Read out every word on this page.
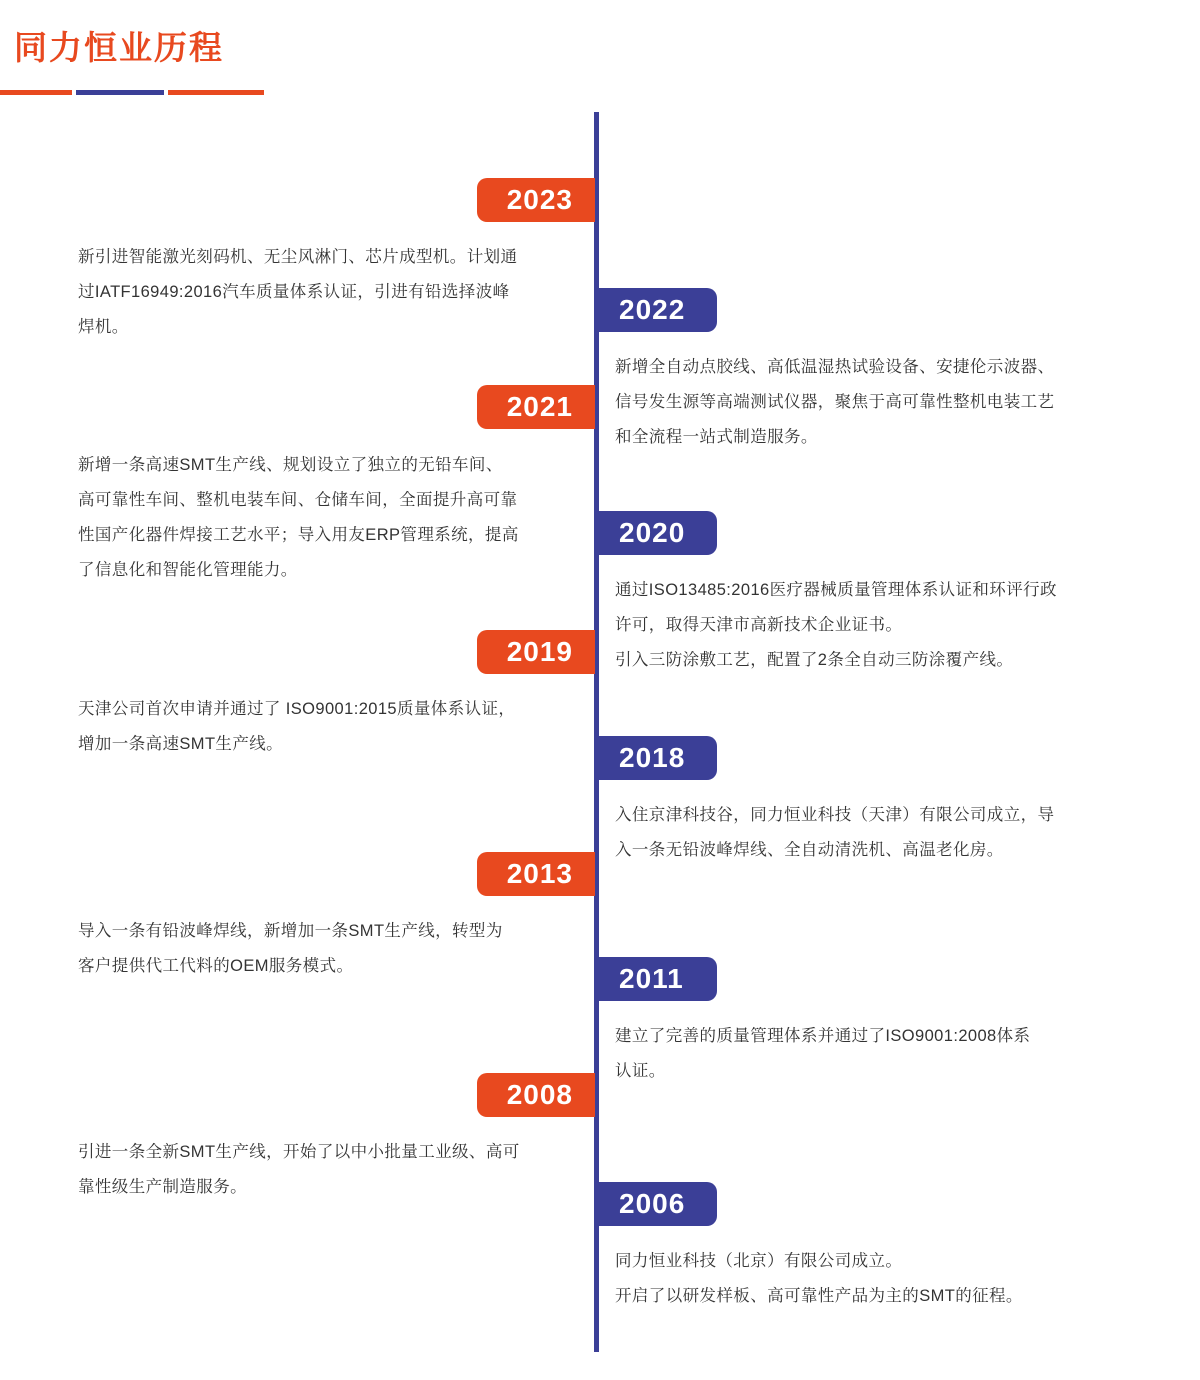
同力恒业历程
2023
新引进智能激光刻码机、无尘风淋门、芯片成型机。计划通
过IATF16949:2016汽车质量体系认证，引进有铅选择波峰
焊机。
2022
新增全自动点胶线、高低温湿热试验设备、安捷伦示波器、
信号发生源等高端测试仪器，聚焦于高可靠性整机电装工艺
和全流程一站式制造服务。
2021
新增一条高速SMT生产线、规划设立了独立的无铅车间、
高可靠性车间、整机电装车间、仓储车间，全面提升高可靠
性国产化器件焊接工艺水平；导入用友ERP管理系统，提高
了信息化和智能化管理能力。
2020
通过ISO13485:2016医疗器械质量管理体系认证和环评行政
许可，取得天津市高新技术企业证书。
引入三防涂敷工艺，配置了2条全自动三防涂覆产线。
2019
天津公司首次申请并通过了 ISO9001:2015质量体系认证，
增加一条高速SMT生产线。	2018
入住京津科技谷，同力恒业科技（天津）有限公司成立，导
入一条无铅波峰焊线、全自动清洗机、高温老化房。
2013
导入一条有铅波峰焊线，新增加一条SMT生产线，转型为
客户提供代工代料的OEM服务模式。	2011
建立了完善的质量管理体系并通过了ISO9001:2008体系
认证。
2008
引进一条全新SMT生产线，开始了以中小批量工业级、高可
靠性级生产制造服务。
2006
同力恒业科技（北京）有限公司成立。
开启了以研发样板、高可靠性产品为主的SMT的征程。
